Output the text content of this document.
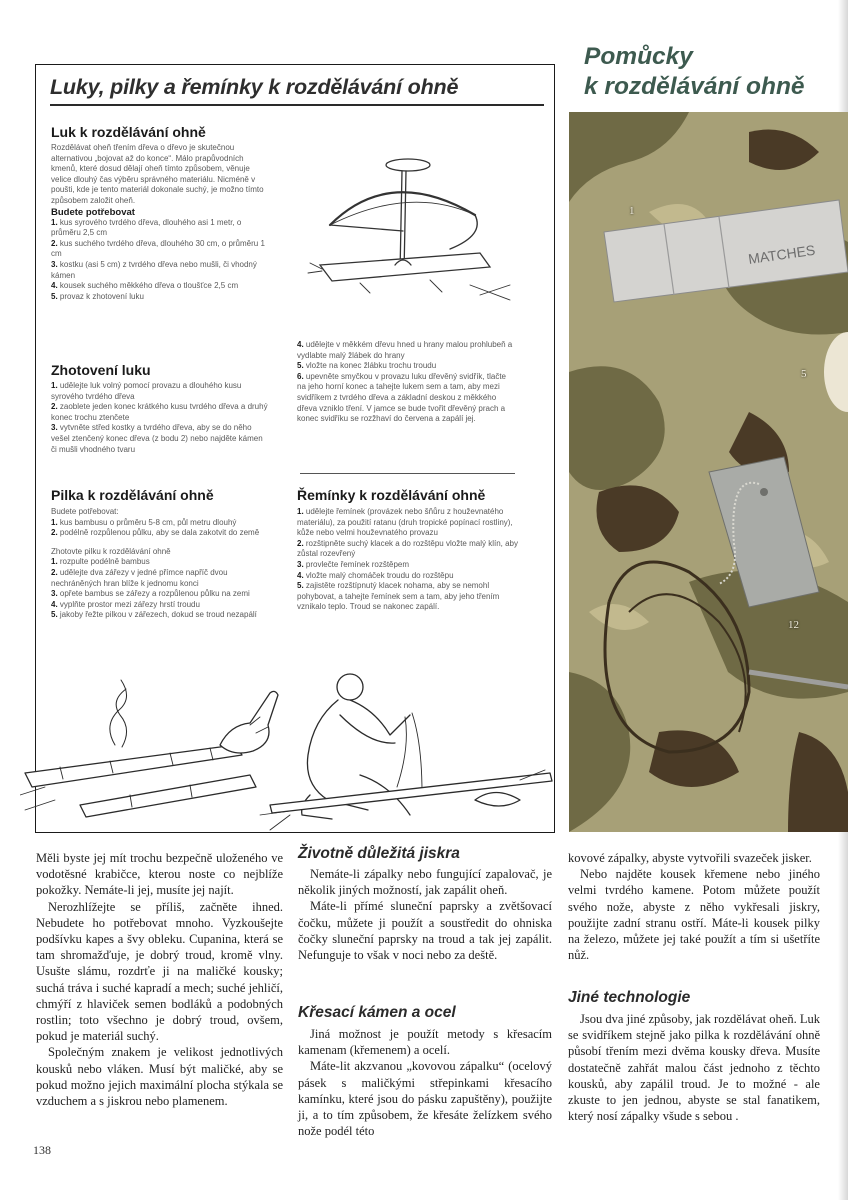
Luky, pilky a řemínky k rozdělávání ohně
Luk k rozdělávání ohně

Rozdělávat oheň třením dřeva o dřevo je skutečnou alternativou „bojovat až do konce“. Málo prapůvodních kmenů, které dosud dělají oheň tímto způsobem, věnuje velice dlouhý čas výběru správného materiálu. Nicméně v poušti, kde je tento materiál dokonale suchý, je možno tímto způsobem založit oheň.

Budete potřebovat
1. kus syrového tvrdého dřeva, dlouhého asi 1 metr, o průměru 2,5 cm
2. kus suchého tvrdého dřeva, dlouhého 30 cm, o průměru 1 cm
3. kostku (asi 5 cm) z tvrdého dřeva nebo mušli, či vhodný kámen
4. kousek suchého měkkého dřeva o tloušťce 2,5 cm
5. provaz k zhotovení luku
Zhotovení luku
1. udělejte luk volný pomocí provazu a dlouhého kusu syrového tvrdého dřeva
2. zaoblete jeden konec krátkého kusu tvrdého dřeva a druhý konec trochu ztenčete
3. vytvněte střed kostky a tvrdého dřeva, aby se do něho vešel ztenčený konec dřeva (z bodu 2) nebo najděte kámen či mušli vhodného tvaru
4. udělejte v měkkém dřevu hned u hrany malou prohlubeň a vydlabte malý žlábek do hrany
5. vložte na konec žlábku trochu troudu
6. upevněte smyčkou v provazu luku dřevěný svidřík, tlačte na jeho horní konec a tahejte lukem sem a tam, aby mezi svidříkem z tvrdého dřeva a základní deskou z měkkého dřeva vzniklo tření. V jamce se bude tvořit dřevěný prach a konec svidříku se rozžhaví do červena a zapálí jej.
Pilka k rozdělávání ohně

Budete potřebovat:

1. kus bambusu o průměru 5-8 cm, půl metru dlouhý
2. podélně rozpůlenou půlku, aby se dala zakotvit do země

Zhotovte pilku k rozdělávání ohně

1. rozpulte podélně bambus
2. udělejte dva zářezy v jedné přímce napříč dvou nechráněných hran blíže k jednomu konci
3. opřete bambus se zářezy a rozpůlenou půlku na zemi
4. vyplňte prostor mezi zářezy hrstí troudu
5. jakoby řežte pilkou v zářezech, dokud se troud nezapálí
Řemínky k rozdělávání ohně
1. udělejte řemínek (provázek nebo šňůru z houževnatého materiálu), za použití ratanu (druh tropické popínací rostliny), kůže nebo velmi houževnatého provazu
2. rozštipněte suchý klacek a do rozštěpu vložte malý klín, aby zůstal rozevřený
3. provlečte řemínek rozštěpem
4. vložte malý chomáček troudu do rozštěpu
5. zajistěte rozštípnutý klacek nohama, aby se nemohl pohybovat, a tahejte řemínek sem a tam, aby jeho třením vznikalo teplo. Troud se nakonec zapálí.
Pomůcky
k rozdělávání ohně
MATCHES
1
5
12

Měli byste jej mít trochu bezpečně uloženého ve vodotěsné krabičce, kterou noste co nejblíže pokožky. Nemáte-li jej, musíte jej najít.

Nerozhlížejte se příliš, začněte ihned. Nebudete ho potřebovat mnoho. Vyzkoušejte podšívku kapes a švy obleku. Cupanina, která se tam shromažďuje, je dobrý troud, kromě vlny. Usušte slámu, rozdrťe ji na maličké kousky; suchá tráva i suché kapradí a mech; suché jehličí, chmýří z hlaviček semen bodláků a podobných rostlin; toto všechno je dobrý troud, ovšem, pokud je materiál suchý.

Společným znakem je velikost jednotlivých kousků nebo vláken. Musí být maličké, aby se pokud možno jejich maximální plocha stýkala se vzduchem a s jiskrou nebo plamenem.

Životně důležitá jiskra

Nemáte-li zápalky nebo fungující zapalovač, je několik jiných možností, jak zapálit oheň.

Máte-li přímé sluneční paprsky a zvětšovací čočku, můžete ji použít a soustředit do ohniska čočky sluneční paprsky na troud a tak jej zapálit. Nefunguje to však v noci nebo za deště.

Křesací kámen a ocel

Jiná možnost je použít metody s křesacím kamenam (křemenem) a ocelí.

Máte-lit akzvanou „kovovou zápalku“ (ocelový pásek s maličkými střepinkami křesacího kamínku, které jsou do pásku zapuštěny), použijte ji, a to tím způsobem, že křesáte želízkem svého nože podél této

kovové zápalky, abyste vytvořili svazeček jisker.

Nebo najděte kousek křemene nebo jiného velmi tvrdého kamene. Potom můžete použít svého nože, abyste z něho vykřesali jiskry, použijte zadní stranu ostří. Máte-li kousek pilky na železo, můžete jej také použít a tím si ušetříte nůž.

Jiné technologie

Jsou dva jiné způsoby, jak rozdělávat oheň. Luk se svidříkem stejně jako pilka k rozdělávání ohně působí třením mezi dvěma kousky dřeva. Musíte dostatečně zahřát malou část jednoho z těchto kousků, aby zapálil troud. Je to možné - ale zkuste to jen jednou, abyste se stal fanatikem, který nosí zápalky všude s sebou .

138
